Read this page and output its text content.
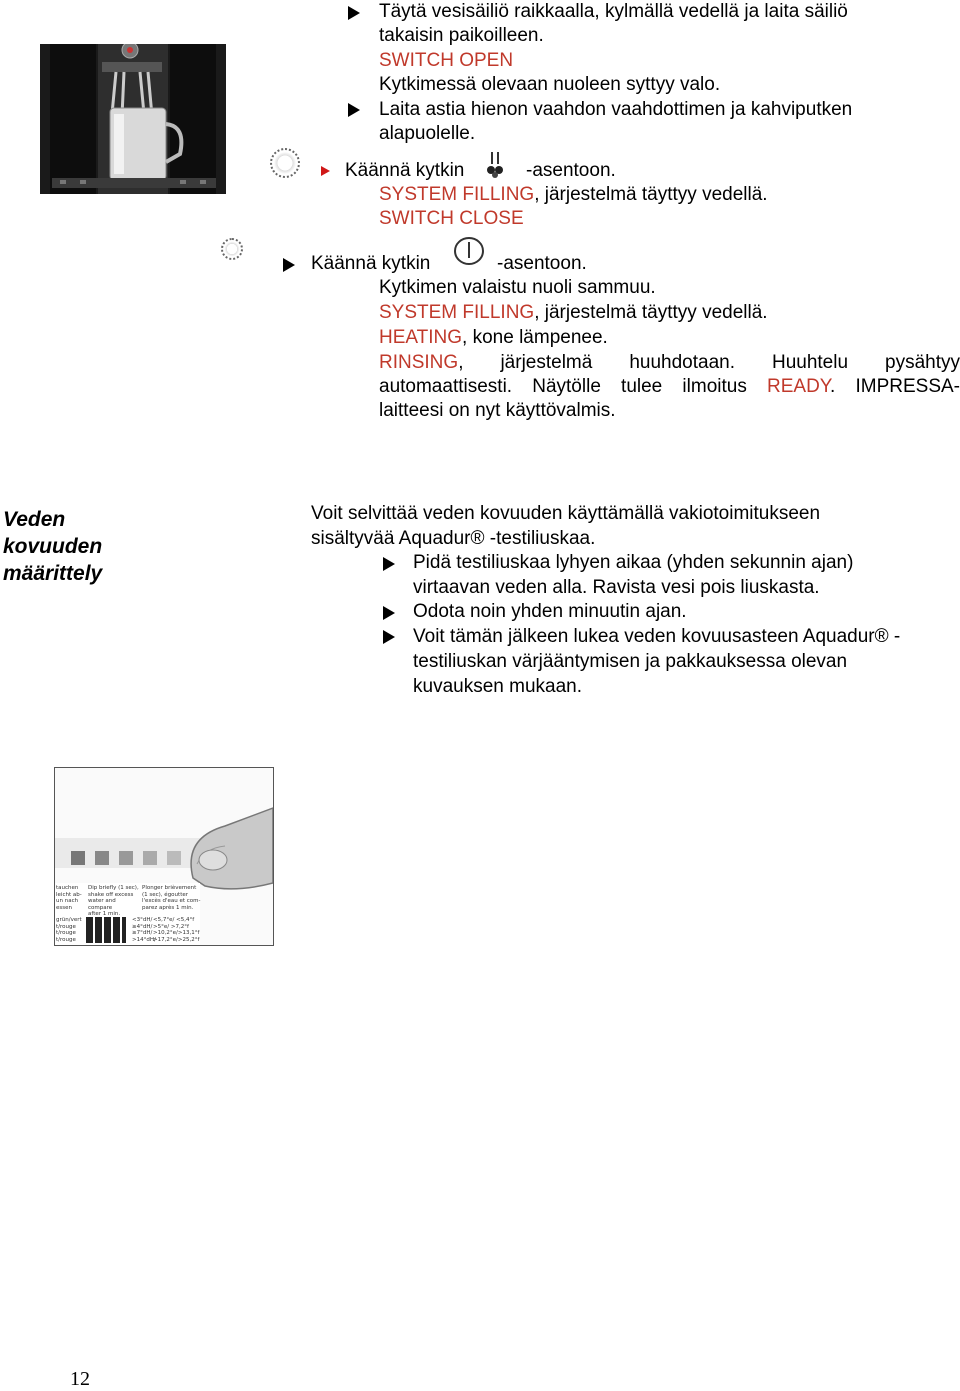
Täytä vesisäiliö raikkaalla, kylmällä vedellä ja laita säiliö
takaisin paikoilleen.
SWITCH OPEN
Kytkimessä olevaan nuoleen syttyy valo.
Laita astia hienon vaahdon vaahdottimen ja kahviputken
alapuolelle.
Käännä kytkin	-asentoon.
SYSTEM FILLING, järjestelmä täyttyy vedellä.
SWITCH CLOSE
Käännä kytkin	-asentoon.
Kytkimen valaistu nuoli sammuu.
SYSTEM FILLING, järjestelmä täyttyy vedellä.
HEATING, kone lämpenee.
RINSING, järjestelmä huuhdotaan. Huuhtelu pysähtyy
automaattisesti. Näytölle tulee ilmoitus READY. IMPRESSA-
laitteesi on nyt käyttövalmis.
Veden
kovuuden
määrittely
Voit selvittää veden kovuuden käyttämällä vakiotoimitukseen
sisältyvää Aquadur® -testiliuskaa.
Pidä testiliuskaa lyhyen aikaa (yhden sekunnin ajan)
virtaavan veden alla. Ravista vesi pois liuskasta.
Odota noin yhden minuutin ajan.
Voit tämän jälkeen lukea veden kovuusasteen Aquadur® -
testiliuskan värjääntymisen ja pakkauksessa olevan
kuvauksen mukaan.
tauchen
leicht ab-
un nach
essen
Dip briefly (1 sec),
shake off excess
water and compare
after 1 min.
Plonger brièvement
(1 sec), égoutter
l'excès d'eau et com-
parez après 1 min.
grün/vert
t/rouge
t/rouge
t/rouge
<3°dH/
≥4°dH/
≥7°dH/
>14°dH/
<5,7°e/ <5,4°f
>5°e/ >7,2°f
>10,2°e/>13,1°f
>17,2°e/>25,2°f
12
